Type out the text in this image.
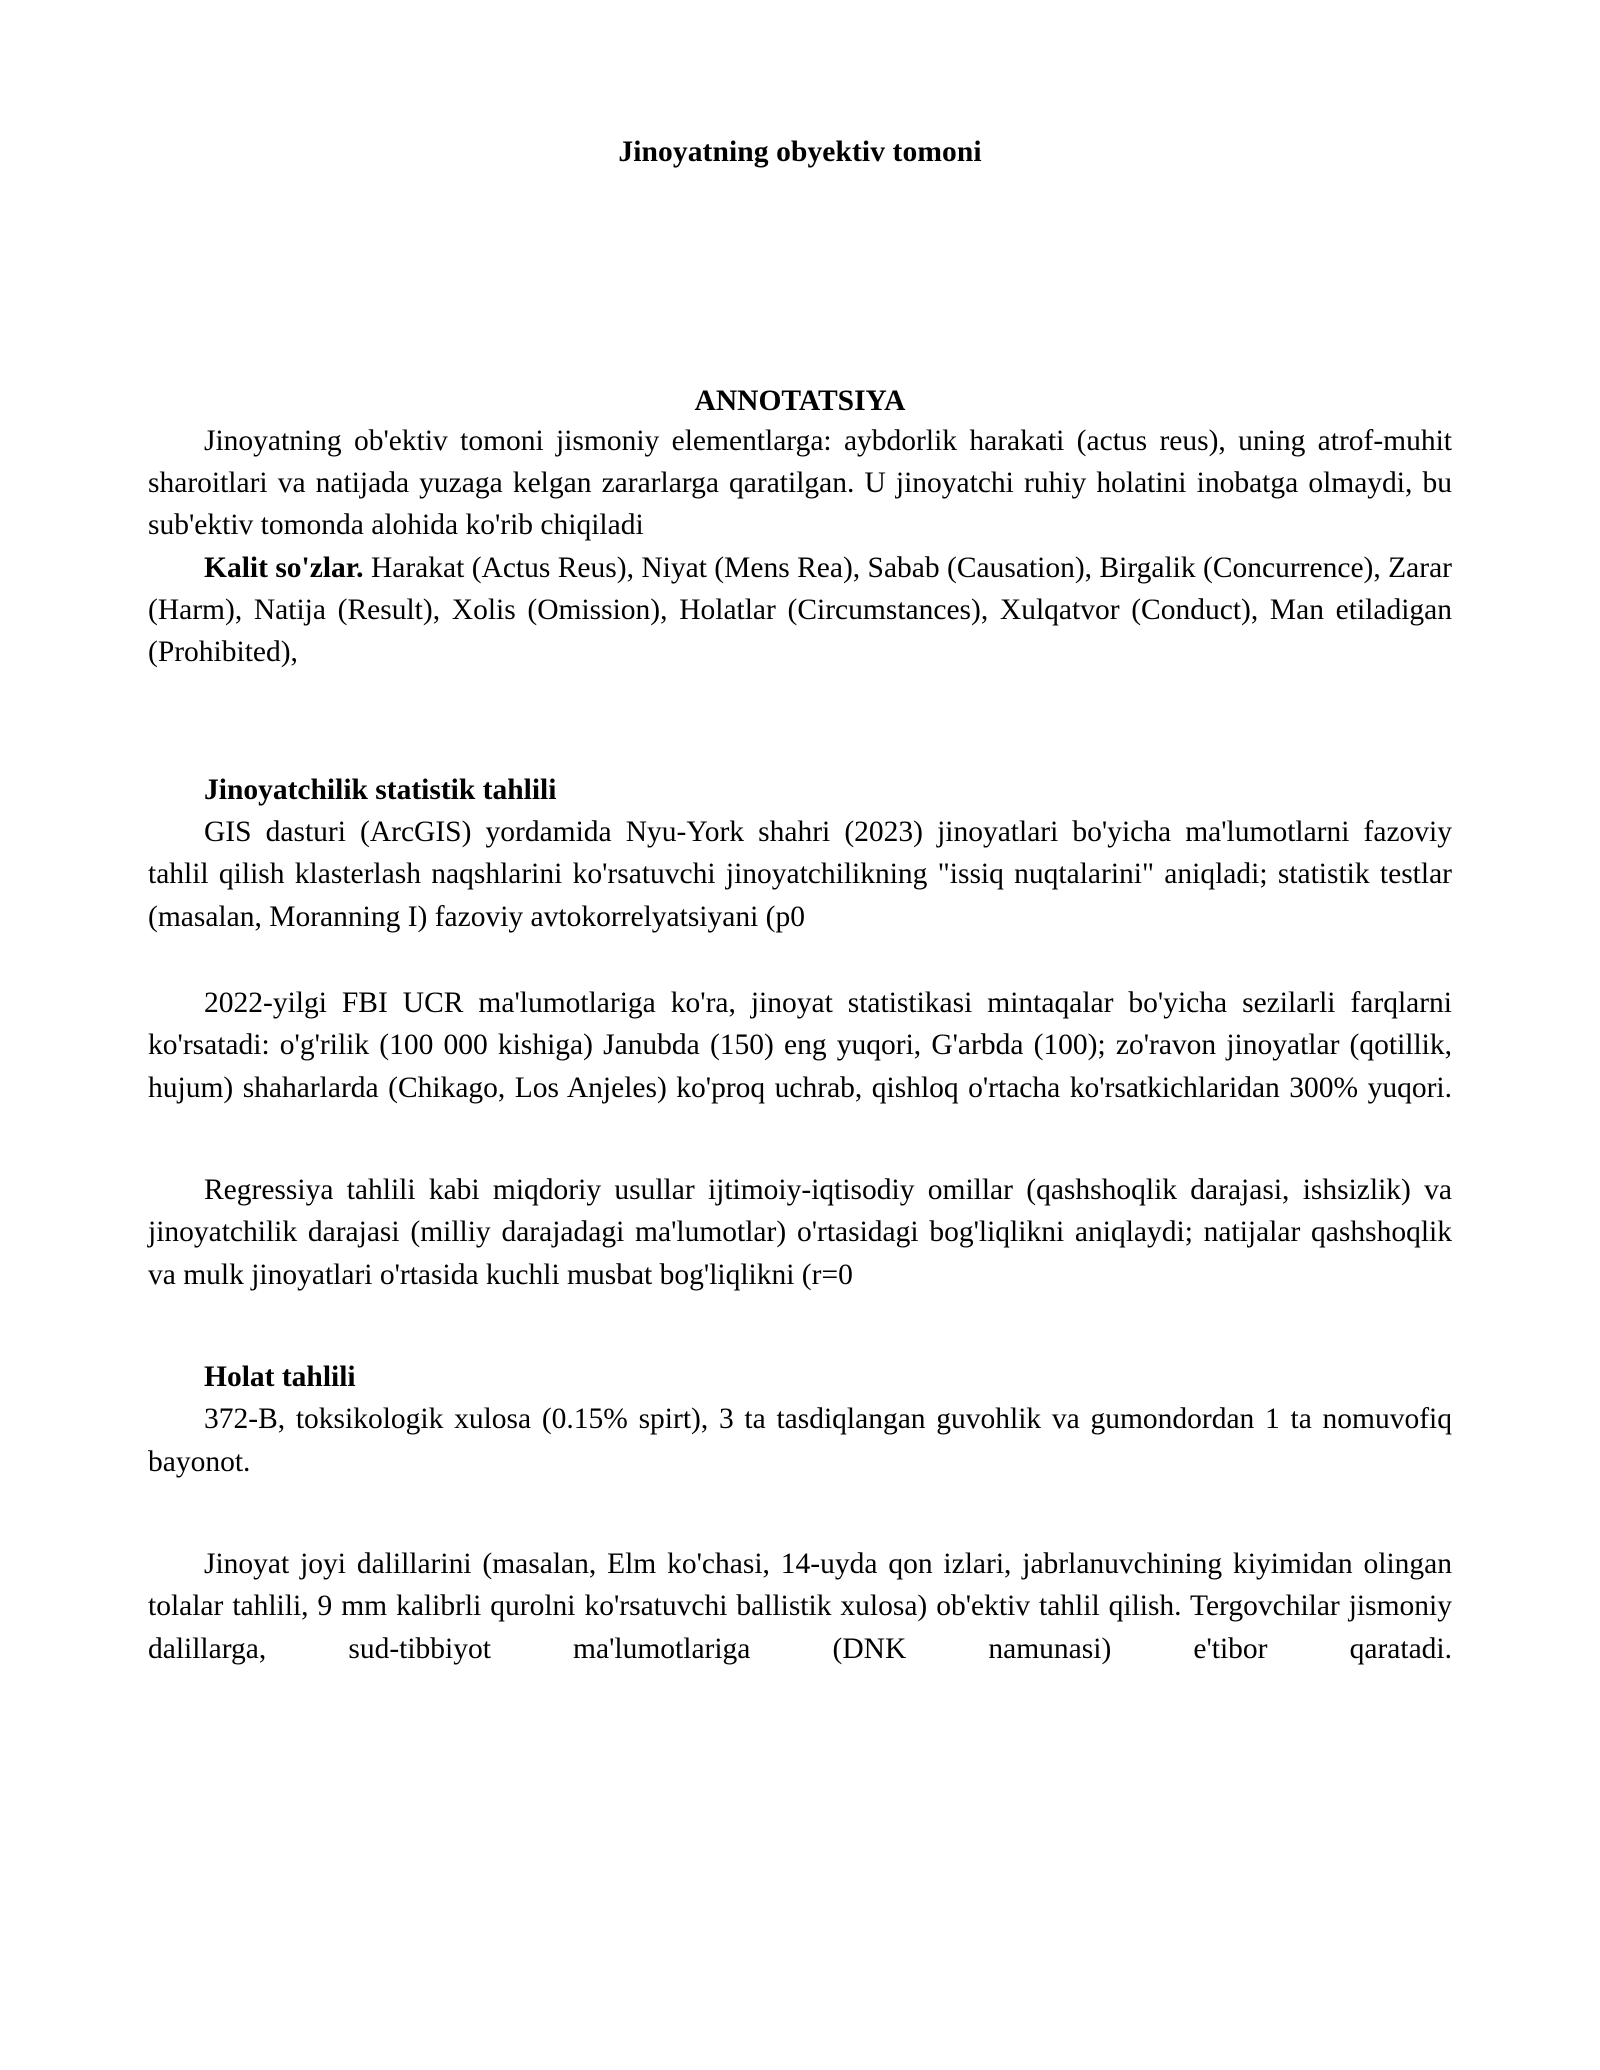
Jinoyatning obyektiv tomoni
ANNOTATSIYA

Jinoyatning ob'ektiv tomoni jismoniy elementlarga: aybdorlik harakati (actus reus), uning atrof-muhit sharoitlari va natijada yuzaga kelgan zararlarga qaratilgan. U jinoyatchi ruhiy holatini inobatga olmaydi, bu sub'ektiv tomonda alohida ko'rib chiqiladi

Kalit so'zlar. Harakat (Actus Reus), Niyat (Mens Rea), Sabab (Causation), Birgalik (Concurrence), Zarar (Harm), Natija (Result), Xolis (Omission), Holatlar (Circumstances), Xulqatvor (Conduct), Man etiladigan (Prohibited),

Jinoyatchilik statistik tahlili

GIS dasturi (ArcGIS) yordamida Nyu-York shahri (2023) jinoyatlari bo'yicha ma'lumotlarni fazoviy tahlil qilish klasterlash naqshlarini ko'rsatuvchi jinoyatchilikning "issiq nuqtalarini" aniqladi; statistik testlar (masalan, Moranning I) fazoviy avtokorrelyatsiyani (p0

2022-yilgi FBI UCR ma'lumotlariga ko'ra, jinoyat statistikasi mintaqalar bo'yicha sezilarli farqlarni ko'rsatadi: o'g'rilik (100 000 kishiga) Janubda (150) eng yuqori, G'arbda (100); zo'ravon jinoyatlar (qotillik, hujum) shaharlarda (Chikago, Los Anjeles) ko'proq uchrab, qishloq o'rtacha ko'rsatkichlaridan 300% yuqori.

Regressiya tahlili kabi miqdoriy usullar ijtimoiy-iqtisodiy omillar (qashshoqlik darajasi, ishsizlik) va jinoyatchilik darajasi (milliy darajadagi ma'lumotlar) o'rtasidagi bog'liqlikni aniqlaydi; natijalar qashshoqlik va mulk jinoyatlari o'rtasida kuchli musbat bog'liqlikni (r=0

Holat tahlili

372-B, toksikologik xulosa (0.15% spirt), 3 ta tasdiqlangan guvohlik va gumondordan 1 ta nomuvofiq bayonot.

Jinoyat joyi dalillarini (masalan, Elm ko'chasi, 14-uyda qon izlari, jabrlanuvchining kiyimidan olingan tolalar tahlili, 9 mm kalibrli qurolni ko'rsatuvchi ballistik xulosa) ob'ektiv tahlil qilish. Tergovchilar jismoniy dalillarga, sud-tibbiyot ma'lumotlariga (DNK namunasi) e'tibor qaratadi.
